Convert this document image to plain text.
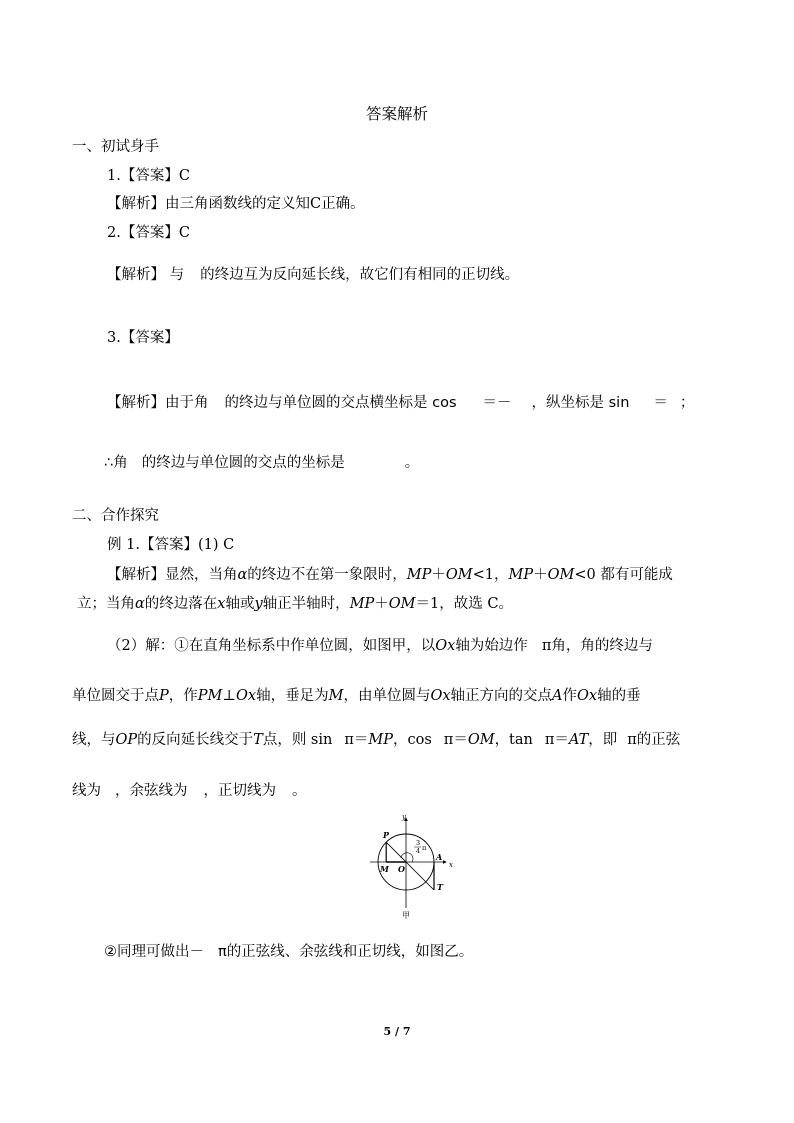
答案解析
一、初试身手
1.【答案】C
【解析】由三角函数线的定义知C正确。
2.【答案】C
【解析】 与 的终边互为反向延长线，故它们有相同的正切线。
3.【答案】
【解析】由于角 的终边与单位圆的交点横坐标是 cos ＝－ ，纵坐标是 sin ＝ ；
∴角 的终边与单位圆的交点的坐标是	。
二、合作探究
例 1.【答案】(1) C
【解析】显然，当角α的终边不在第一象限时，MP＋OM<1，MP＋OM<0 都有可能成
立；当角α的终边落在x轴或y轴正半轴时，MP＋OM＝1，故选 C。
（2）解：①在直角坐标系中作单位圆，如图甲，以Ox轴为始边作 π角，角的终边与
单位圆交于点P，作PM⊥Ox轴，垂足为M，由单位圆与Ox轴正方向的交点A作Ox轴的垂
线，与OP的反向延长线交于T点，则 sin π＝MP，cos π＝OM，tan π＝AT，即 π的正弦
线为 ，余弦线为 ，正切线为 。
y
x
P
M O
A
T
3
4 π
甲
②同理可做出－ π的正弦线、余弦线和正切线，如图乙。
5 / 7
